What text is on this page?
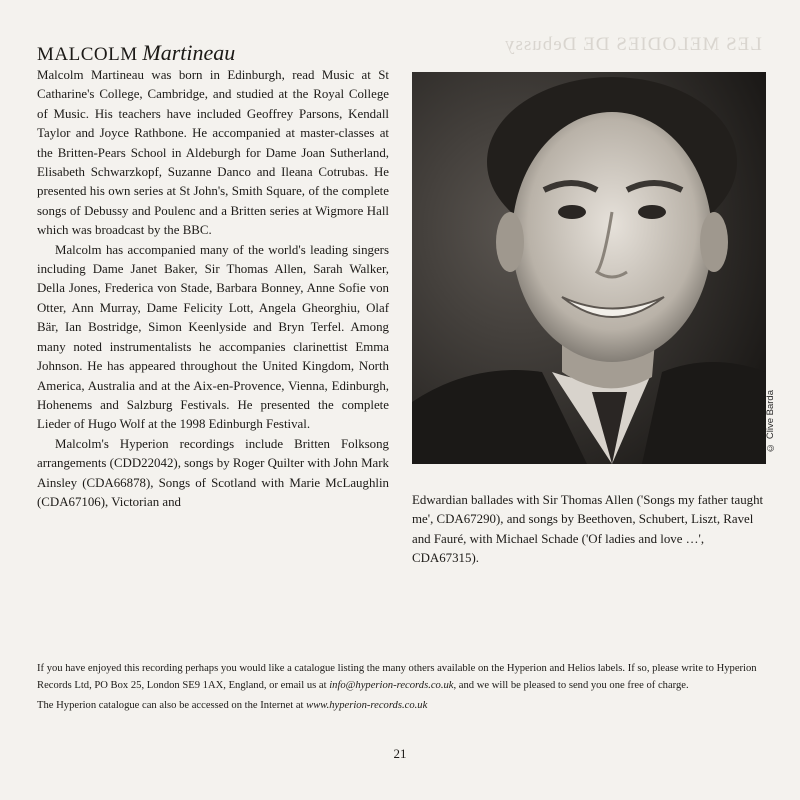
LES MELODIES DE Debussy
MALCOLM Martineau

Malcolm Martineau was born in Edinburgh, read Music at St Catharine's College, Cambridge, and studied at the Royal College of Music. His teachers have included Geoffrey Parsons, Kendall Taylor and Joyce Rathbone. He accompanied at master-classes at the Britten-Pears School in Aldeburgh for Dame Joan Sutherland, Elisabeth Schwarzkopf, Suzanne Danco and Ileana Cotrubas. He presented his own series at St John's, Smith Square, of the complete songs of Debussy and Poulenc and a Britten series at Wigmore Hall which was broadcast by the BBC.

Malcolm has accompanied many of the world's leading singers including Dame Janet Baker, Sir Thomas Allen, Sarah Walker, Della Jones, Frederica von Stade, Barbara Bonney, Anne Sofie von Otter, Ann Murray, Dame Felicity Lott, Angela Gheorghiu, Olaf Bär, Ian Bostridge, Simon Keenlyside and Bryn Terfel. Among many noted instrumentalists he accompanies clarinettist Emma Johnson. He has appeared throughout the United Kingdom, North America, Australia and at the Aix-en-Provence, Vienna, Edinburgh, Hohenems and Salzburg Festivals. He presented the complete Lieder of Hugo Wolf at the 1998 Edinburgh Festival.

Malcolm's Hyperion recordings include Britten Folksong arrangements (CDD22042), songs by Roger Quilter with John Mark Ainsley (CDA66878), Songs of Scotland with Marie McLaughlin (CDA67106), Victorian and

© Clive Barda

Edwardian ballades with Sir Thomas Allen ('Songs my father taught me', CDA67290), and songs by Beethoven, Schubert, Liszt, Ravel and Fauré, with Michael Schade ('Of ladies and love …', CDA67315).

If you have enjoyed this recording perhaps you would like a catalogue listing the many others available on the Hyperion and Helios labels. If so, please write to Hyperion Records Ltd, PO Box 25, London SE9 1AX, England, or email us at info@hyperion-records.co.uk, and we will be pleased to send you one free of charge.

The Hyperion catalogue can also be accessed on the Internet at www.hyperion-records.co.uk

21
